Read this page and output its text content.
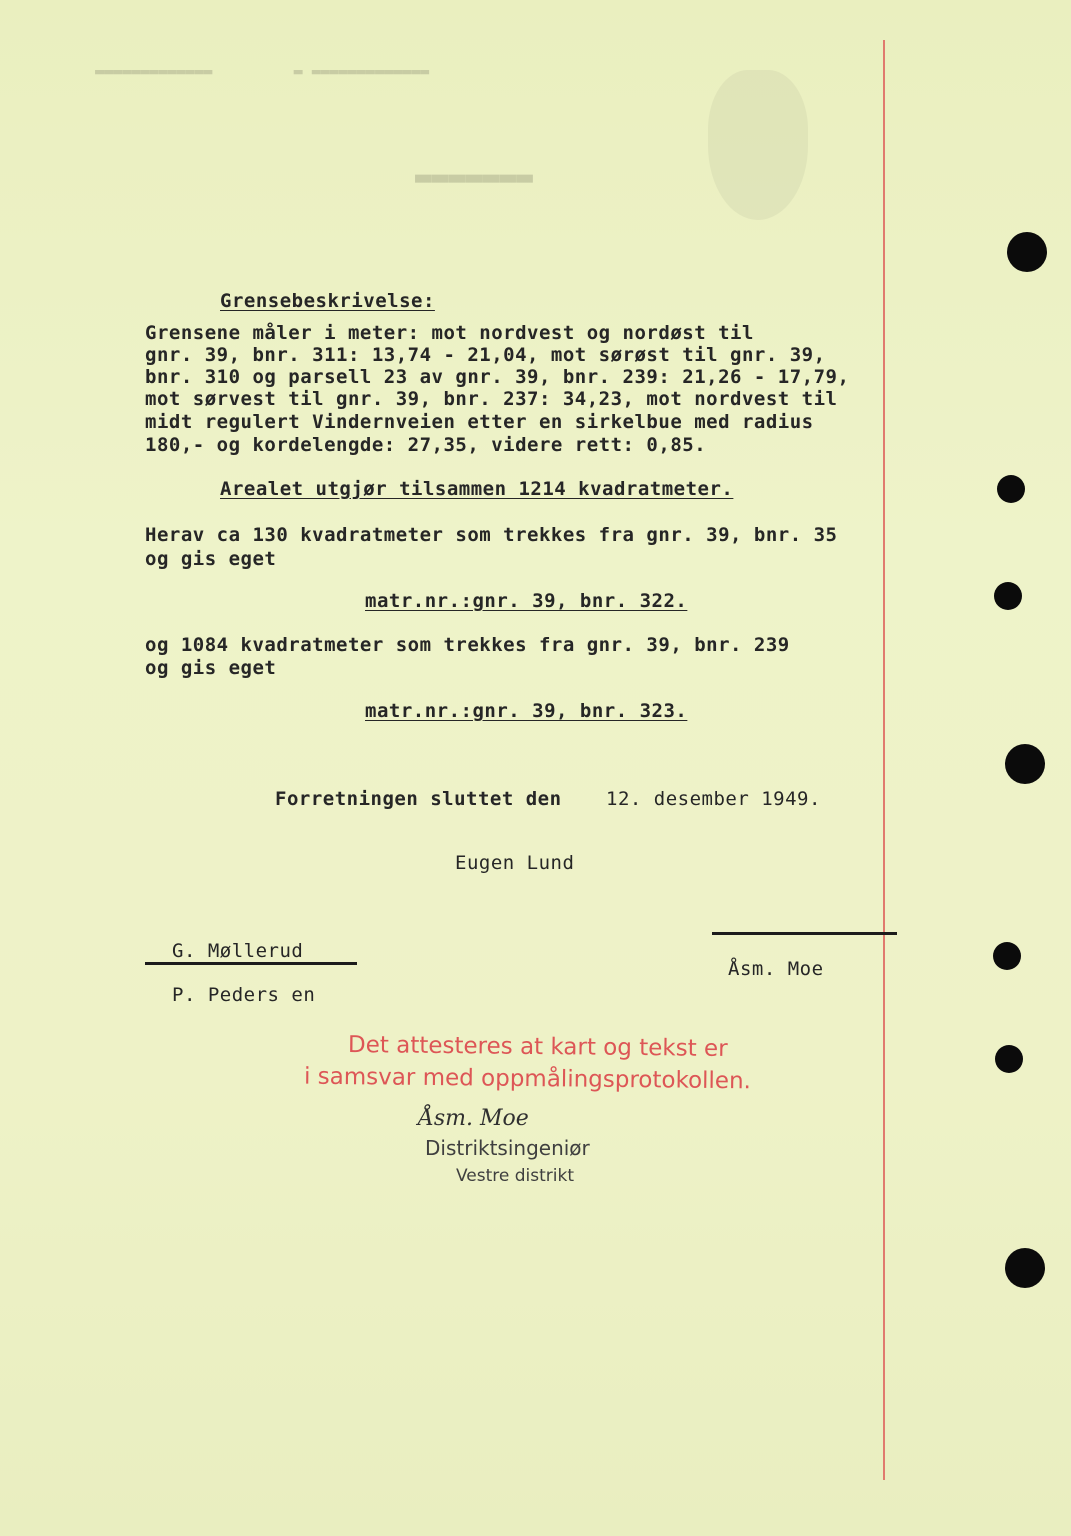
▬▬▬▬▬▬▬▬▬▬▬▬▬         ▬ ▬▬▬▬▬▬▬▬▬▬▬▬▬
▬▬▬▬▬▬▬
Grensebeskrivelse:
Grensene måler i meter: mot nordvest og nordøst til
gnr. 39, bnr. 311: 13,74 - 21,04, mot sørøst til gnr. 39,
bnr. 310 og parsell 23 av gnr. 39, bnr. 239: 21,26 - 17,79,
mot sørvest til gnr. 39, bnr. 237: 34,23, mot nordvest til
midt regulert Vindernveien etter en sirkelbue med radius
180,- og kordelengde: 27,35, videre rett: 0,85.
Arealet utgjør tilsammen 1214 kvadratmeter.
Herav ca 130 kvadratmeter som trekkes fra gnr. 39, bnr. 35
og gis eget
matr.nr.:gnr. 39, bnr. 322.
og 1084 kvadratmeter som trekkes fra gnr. 39, bnr. 239
og gis eget
matr.nr.:gnr. 39, bnr. 323.
Forretningen sluttet den 12. desember 1949.
Eugen Lund
G. Møllerud
P. Peders en
Åsm. Moe
Det attesteres at kart og tekst er
i samsvar med oppmålingsprotokollen.
Åsm. Moe
Distriktsingeniør
Vestre distrikt
